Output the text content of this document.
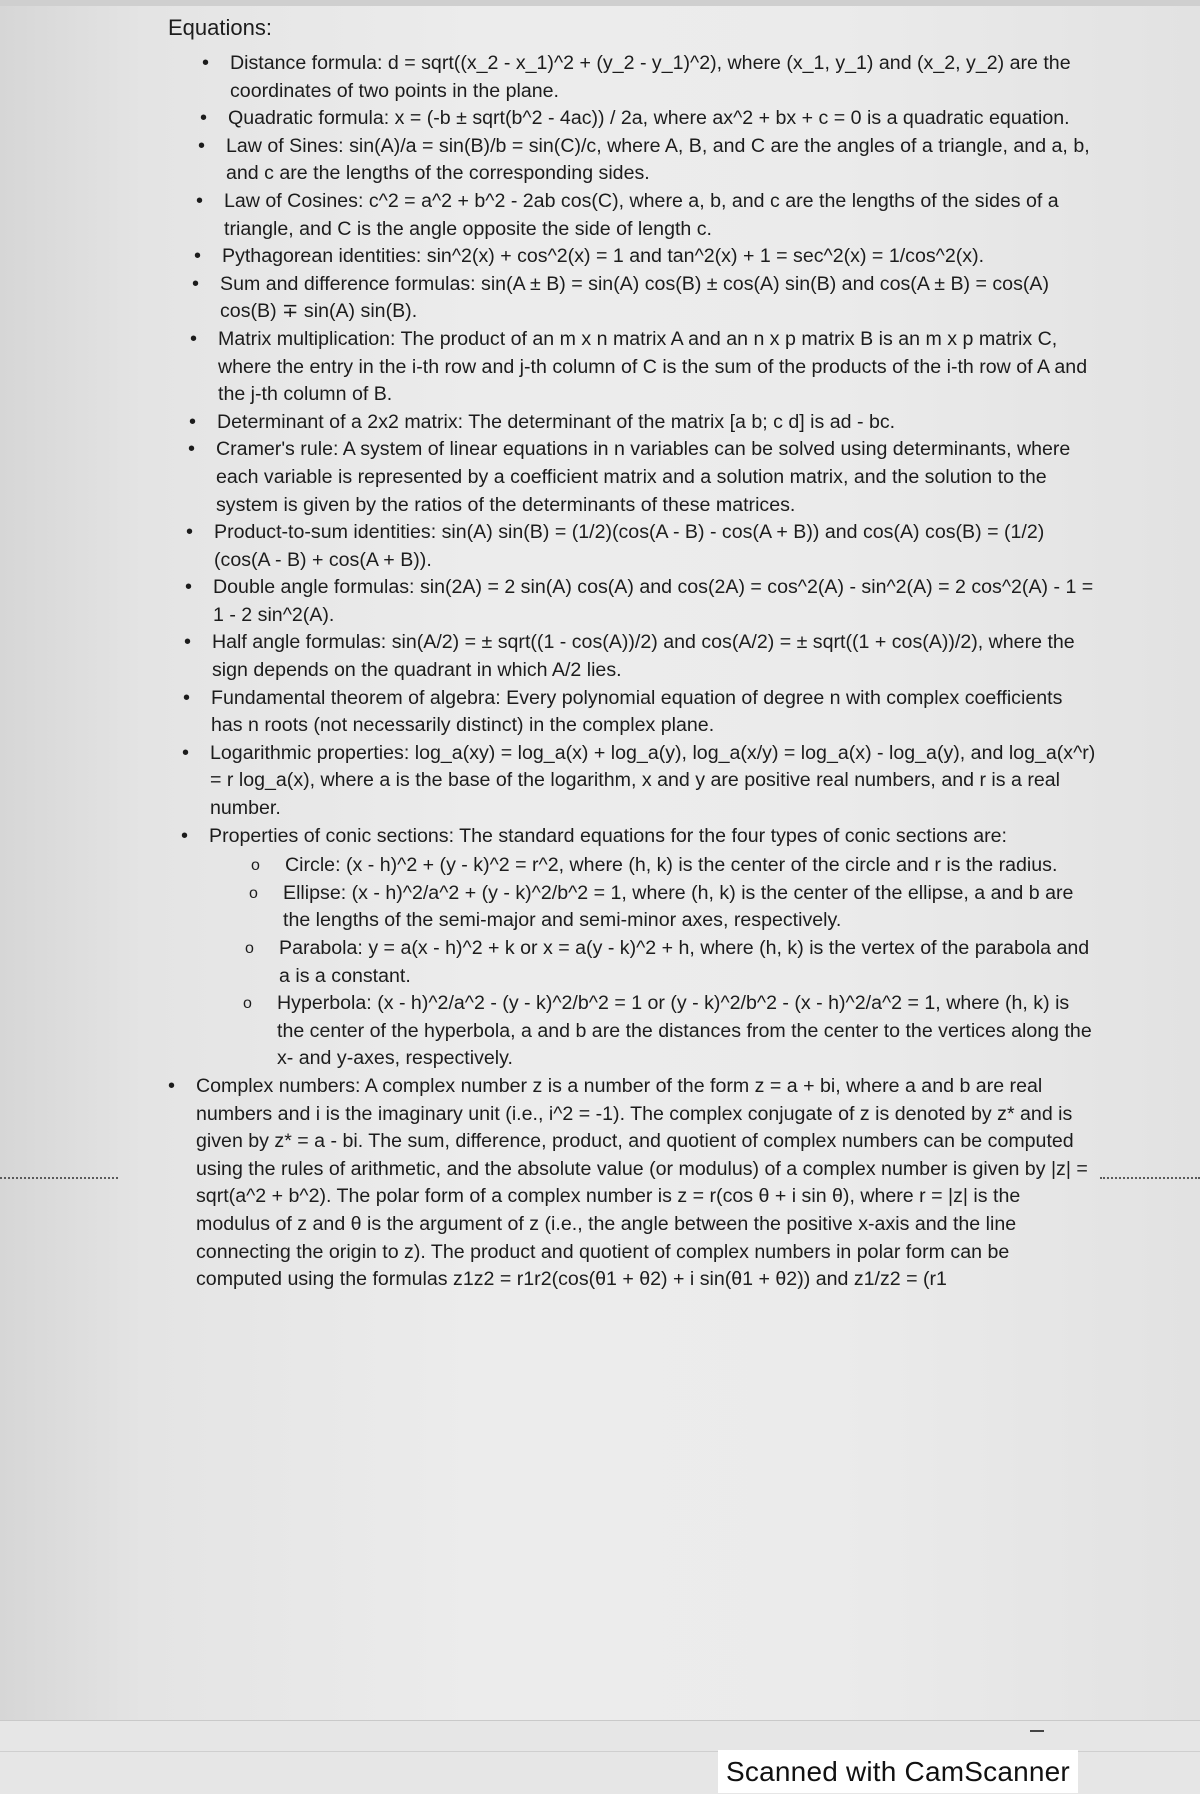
Equations:
• Distance formula: d = sqrt((x_2 - x_1)^2 + (y_2 - y_1)^2), where (x_1, y_1) and (x_2, y_2) are the coordinates of two points in the plane.
• Quadratic formula: x = (-b ± sqrt(b^2 - 4ac)) / 2a, where ax^2 + bx + c = 0 is a quadratic equation.
• Law of Sines: sin(A)/a = sin(B)/b = sin(C)/c, where A, B, and C are the angles of a triangle, and a, b, and c are the lengths of the corresponding sides.
• Law of Cosines: c^2 = a^2 + b^2 - 2ab cos(C), where a, b, and c are the lengths of the sides of a triangle, and C is the angle opposite the side of length c.
• Pythagorean identities: sin^2(x) + cos^2(x) = 1 and tan^2(x) + 1 = sec^2(x) = 1/cos^2(x).
• Sum and difference formulas: sin(A ± B) = sin(A) cos(B) ± cos(A) sin(B) and cos(A ± B) = cos(A) cos(B) ∓ sin(A) sin(B).
• Matrix multiplication: The product of an m x n matrix A and an n x p matrix B is an m x p matrix C, where the entry in the i-th row and j-th column of C is the sum of the products of the i-th row of A and the j-th column of B.
• Determinant of a 2x2 matrix: The determinant of the matrix [a b; c d] is ad - bc.
• Cramer's rule: A system of linear equations in n variables can be solved using determinants, where each variable is represented by a coefficient matrix and a solution matrix, and the solution to the system is given by the ratios of the determinants of these matrices.
• Product-to-sum identities: sin(A) sin(B) = (1/2)(cos(A - B) - cos(A + B)) and cos(A) cos(B) = (1/2)(cos(A - B) + cos(A + B)).
• Double angle formulas: sin(2A) = 2 sin(A) cos(A) and cos(2A) = cos^2(A) - sin^2(A) = 2 cos^2(A) - 1 = 1 - 2 sin^2(A).
• Half angle formulas: sin(A/2) = ± sqrt((1 - cos(A))/2) and cos(A/2) = ± sqrt((1 + cos(A))/2), where the sign depends on the quadrant in which A/2 lies.
• Fundamental theorem of algebra: Every polynomial equation of degree n with complex coefficients has n roots (not necessarily distinct) in the complex plane.
• Logarithmic properties: log_a(xy) = log_a(x) + log_a(y), log_a(x/y) = log_a(x) - log_a(y), and log_a(x^r) = r log_a(x), where a is the base of the logarithm, x and y are positive real numbers, and r is a real number.
• Properties of conic sections: The standard equations for the four types of conic sections are:
o Circle: (x - h)^2 + (y - k)^2 = r^2, where (h, k) is the center of the circle and r is the radius.
o Ellipse: (x - h)^2/a^2 + (y - k)^2/b^2 = 1, where (h, k) is the center of the ellipse, a and b are the lengths of the semi-major and semi-minor axes, respectively.
o Parabola: y = a(x - h)^2 + k or x = a(y - k)^2 + h, where (h, k) is the vertex of the parabola and a is a constant.
o Hyperbola: (x - h)^2/a^2 - (y - k)^2/b^2 = 1 or (y - k)^2/b^2 - (x - h)^2/a^2 = 1, where (h, k) is the center of the hyperbola, a and b are the distances from the center to the vertices along the x- and y-axes, respectively.
• Complex numbers: A complex number z is a number of the form z = a + bi, where a and b are real numbers and i is the imaginary unit (i.e., i^2 = -1). The complex conjugate of z is denoted by z* and is given by z* = a - bi. The sum, difference, product, and quotient of complex numbers can be computed using the rules of arithmetic, and the absolute value (or modulus) of a complex number is given by |z| = sqrt(a^2 + b^2). The polar form of a complex number is z = r(cos θ + i sin θ), where r = |z| is the modulus of z and θ is the argument of z (i.e., the angle between the positive x-axis and the line connecting the origin to z). The product and quotient of complex numbers in polar form can be computed using the formulas z1z2 = r1r2(cos(θ1 + θ2) + i sin(θ1 + θ2)) and z1/z2 = (r1
Scanned with CamScanner
